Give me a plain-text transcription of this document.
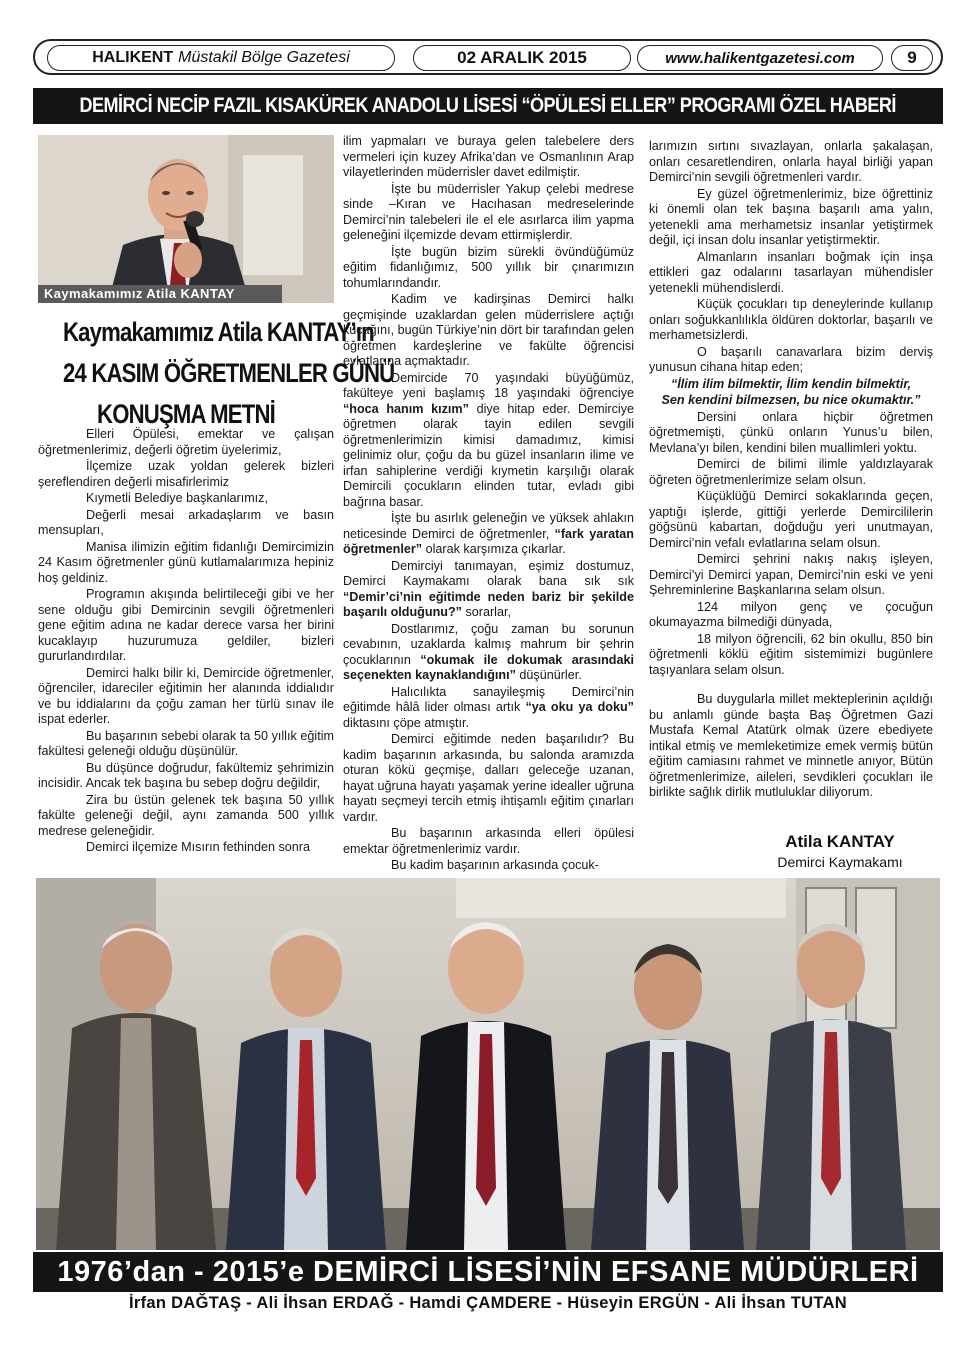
HALIKENT Müstakil Bölge Gazetesi	02 ARALIK 2015	www.halikentgazetesi.com	9
DEMİRCİ NECİP FAZIL KISAKÜREK ANADOLU LİSESİ “ÖPÜLESİ ELLER” PROGRAMI ÖZEL HABERİ
Kaymakamımız Atila KANTAY
Kaymakamımız Atila KANTAY’ın
24 KASIM ÖĞRETMENLER GÜNÜ
KONUŞMA METNİ

Elleri Öpülesi, emektar ve çalışan öğretmenlerimiz, değerli öğretim üyelerimiz,

İlçemize uzak yoldan gelerek bizleri şereflendiren değerli misafirlerimiz

Kıymetli Belediye başkanlarımız,

Değerli mesai arkadaşlarım ve basın mensupları,

Manisa ilimizin eğitim fidanlığı Demircimizin 24 Kasım öğretmenler günü kutlamalarımıza hepiniz hoş geldiniz.

Programın akışında belirtileceği gibi ve her sene olduğu gibi Demircinin sevgili öğretmenleri gene eğitim adına ne kadar derece varsa her birini kucaklayıp huzurumuza geldiler, bizleri gururlandırdılar.

Demirci halkı bilir ki, Demircide öğretmenler, öğrenciler, idareciler eğitimin her alanında iddialıdır ve bu iddialarını da çoğu zaman her türlü sınav ile ispat ederler.

Bu başarının sebebi olarak ta 50 yıllık eğitim fakültesi geleneği olduğu düşünülür.

Bu düşünce doğrudur, fakültemiz şehrimizin incisidir. Ancak tek başına bu sebep doğru değildir,

Zira bu üstün gelenek tek başına 50 yıllık fakülte geleneği değil, aynı zamanda 500 yıllık medrese geleneğidir.

Demirci ilçemize Mısırın fethinden sonra

ilim yapmaları ve buraya gelen talebelere ders vermeleri için kuzey Afrika’dan ve Osmanlının Arap vilayetlerinden müderrisler davet edilmiştir.

İşte bu müderrisler Yakup çelebi medrese sinde –Kıran ve Hacıhasan medreselerinde Demirci’nin talebeleri ile el ele asırlarca ilim yapma geleneğini ilçemizde devam ettirmişlerdir.

İşte bugün bizim sürekli övündüğümüz eğitim fidanlığımız, 500 yıllık bir çınarımızın tohumlarındandır.

Kadim ve kadirşinas Demirci halkı geçmişinde uzaklardan gelen müderrislere açtığı kucağını, bugün Türkiye’nin dört bir tarafından gelen öğretmen kardeşlerine ve fakülte öğrencisi evlatlarına açmaktadır.

Demircide 70 yaşındaki büyüğümüz, fakülteye yeni başlamış 18 yaşındaki öğrenciye “hoca hanım kızım” diye hitap eder. Demirciye öğretmen olarak tayin edilen sevgili öğretmenlerimizin kimisi damadımız, kimisi gelinimiz olur, çoğu da bu güzel insanların ilime ve irfan sahiplerine verdiği kıymetin karşılığı olarak Demircili çocukların elinden tutar, evladı gibi bağrına basar.

İşte bu asırlık geleneğin ve yüksek ahlakın neticesinde Demirci de öğretmenler, “fark yaratan öğretmenler” olarak karşımıza çıkarlar.

Demirciyi tanımayan, eşimiz dostumuz, Demirci Kaymakamı olarak bana sık sık “Demir’ci’nin eğitimde neden bariz bir şekilde başarılı olduğunu?” sorarlar,

Dostlarımız, çoğu zaman bu sorunun cevabının, uzaklarda kalmış mahrum bir şehrin çocuklarının “okumak ile dokumak arasındaki seçenekten kaynaklandığını” düşünürler.

Halıcılıkta sanayileşmiş Demirci’nin eğitimde hâlâ lider olması artık “ya oku ya doku” diktasını çöpe atmıştır.

Demirci eğitimde neden başarılıdır? Bu kadim başarının arkasında, bu salonda aramızda oturan kökü geçmişe, dalları geleceğe uzanan, hayat uğruna hayatı yaşamak yerine idealler uğruna hayatı seçmeyi tercih etmiş ihtişamlı eğitim çınarları vardır.

Bu başarının arkasında elleri öpülesi emektar öğretmenlerimiz vardır.

Bu kadim başarının arkasında çocuk-

larımızın sırtını sıvazlayan, onlarla şakalaşan, onları cesaretlendiren, onlarla hayal birliği yapan Demirci’nin sevgili öğretmenleri vardır.

Ey güzel öğretmenlerimiz, bize öğrettiniz ki önemli olan tek başına başarılı ama yalın, yetenekli ama merhametsiz insanlar yetiştirmek değil, içi insan dolu insanlar yetiştirmektir.

Almanların insanları boğmak için inşa ettikleri gaz odalarını tasarlayan mühendisler yetenekli mühendislerdi.

Küçük çocukları tıp deneylerinde kullanıp onları soğukkanlılıkla öldüren doktorlar, başarılı ve merhametsizlerdi.

O başarılı canavarlara bizim derviş yunusun cihana hitap eden;

“İlim ilim bilmektir, İlim kendin bilmektir,

Sen kendini bilmezsen, bu nice okumaktır.”

Dersini onlara hiçbir öğretmen öğretmemişti, çünkü onların Yunus’u bilen, Mevlana’yı bilen, kendini bilen muallimleri yoktu.

Demirci de bilimi ilimle yaldızlayarak öğreten öğretmenlerimize selam olsun.

Küçüklüğü Demirci sokaklarında geçen, yaptığı işlerde, gittiği yerlerde Demircililerin göğsünü kabartan, doğduğu yeri unutmayan, Demirci’nin vefalı evlatlarına selam olsun.

Demirci şehrini nakış nakış işleyen, Demirci’yi Demirci yapan, Demirci’nin eski ve yeni Şehreminlerine Başkanlarına selam olsun.

124 milyon genç ve çocuğun okumayazma bilmediği dünyada,

18 milyon öğrencili, 62 bin okullu, 850 bin öğretmenli köklü eğitim sistemimizi bugünlere taşıyanlara selam olsun.

Bu duygularla millet mekteplerinin açıldığı bu anlamlı günde başta Baş Öğretmen Gazi Mustafa Kemal Atatürk olmak üzere ebediyete intikal etmiş ve memleketimize emek vermiş bütün eğitim camiasını rahmet ve minnetle anıyor, Bütün öğretmenlerimize, aileleri, sevdikleri çocukları ile birlikte sağlık dirlik mutluluklar diliyorum.

Atila KANTAY
Demirci Kaymakamı
1976’dan - 2015’e DEMİRCİ LİSESİ’NİN EFSANE MÜDÜRLERİ
İrfan DAĞTAŞ - Ali İhsan ERDAĞ - Hamdi ÇAMDERE - Hüseyin ERGÜN - Ali İhsan TUTAN
